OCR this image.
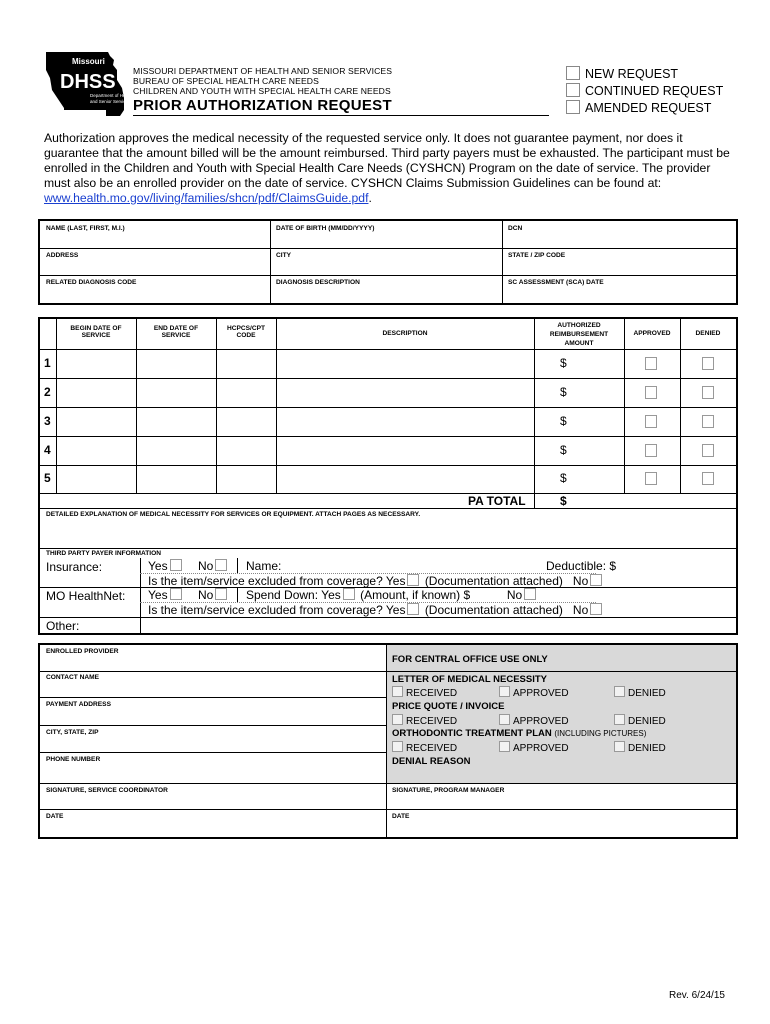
Missouri
DHSS
Department of Health
and Senior Services
MISSOURI DEPARTMENT OF HEALTH AND SENIOR SERVICES
BUREAU OF SPECIAL HEALTH CARE NEEDS
CHILDREN AND YOUTH WITH SPECIAL HEALTH CARE NEEDS
PRIOR AUTHORIZATION REQUEST
NEW REQUEST
CONTINUED REQUEST
AMENDED REQUEST
Authorization approves the medical necessity of the requested service only. It does not guarantee payment, nor does it guarantee that the amount billed will be the amount reimbursed. Third party payers must be exhausted. The participant must be enrolled in the Children and Youth with Special Health Care Needs (CYSHCN) Program on the date of service. The provider must also be an enrolled provider on the date of service. CYSHCN Claims Submission Guidelines can be found at: www.health.mo.gov/living/families/shcn/pdf/ClaimsGuide.pdf.
NAME (LAST, FIRST, M.I.)	DATE OF BIRTH (MM/DD/YYYY)	DCN
ADDRESS	CITY	STATE / ZIP CODE
RELATED DIAGNOSIS CODE	DIAGNOSIS DESCRIPTION	SC ASSESSMENT (SCA) DATE
BEGIN DATE OF
SERVICE
END DATE OF
SERVICE
HCPCS/CPT
CODE	DESCRIPTION
AUTHORIZED
REIMBURSEMENT
AMOUNT
APPROVED	DENIED
1	$
2	$
3	$
4	$
5	$
PA TOTAL	$
DETAILED EXPLANATION OF MEDICAL NECESSITY FOR SERVICES OR EQUIPMENT. ATTACH PAGES AS NECESSARY.
THIRD PARTY PAYER INFORMATION
Insurance:	Yes	No	Name:	Deductible: $
Is the item/service excluded from coverage? Yes (Documentation attached) No
MO HealthNet: Yes	No	Spend Down: Yes (Amount, if known) $	No
Is the item/service excluded from coverage? Yes (Documentation attached) No
Other:
ENROLLED PROVIDER
CONTACT NAME
PAYMENT ADDRESS
CITY, STATE, ZIP
PHONE NUMBER
SIGNATURE, SERVICE COORDINATOR
DATE
FOR CENTRAL OFFICE USE ONLY
LETTER OF MEDICAL NECESSITY
RECEIVED	APPROVED	DENIED
PRICE QUOTE / INVOICE
RECEIVED	APPROVED	DENIED
ORTHODONTIC TREATMENT PLAN (INCLUDING PICTURES)
RECEIVED	APPROVED	DENIED
DENIAL REASON
SIGNATURE, PROGRAM MANAGER
DATE
Rev. 6/24/15
